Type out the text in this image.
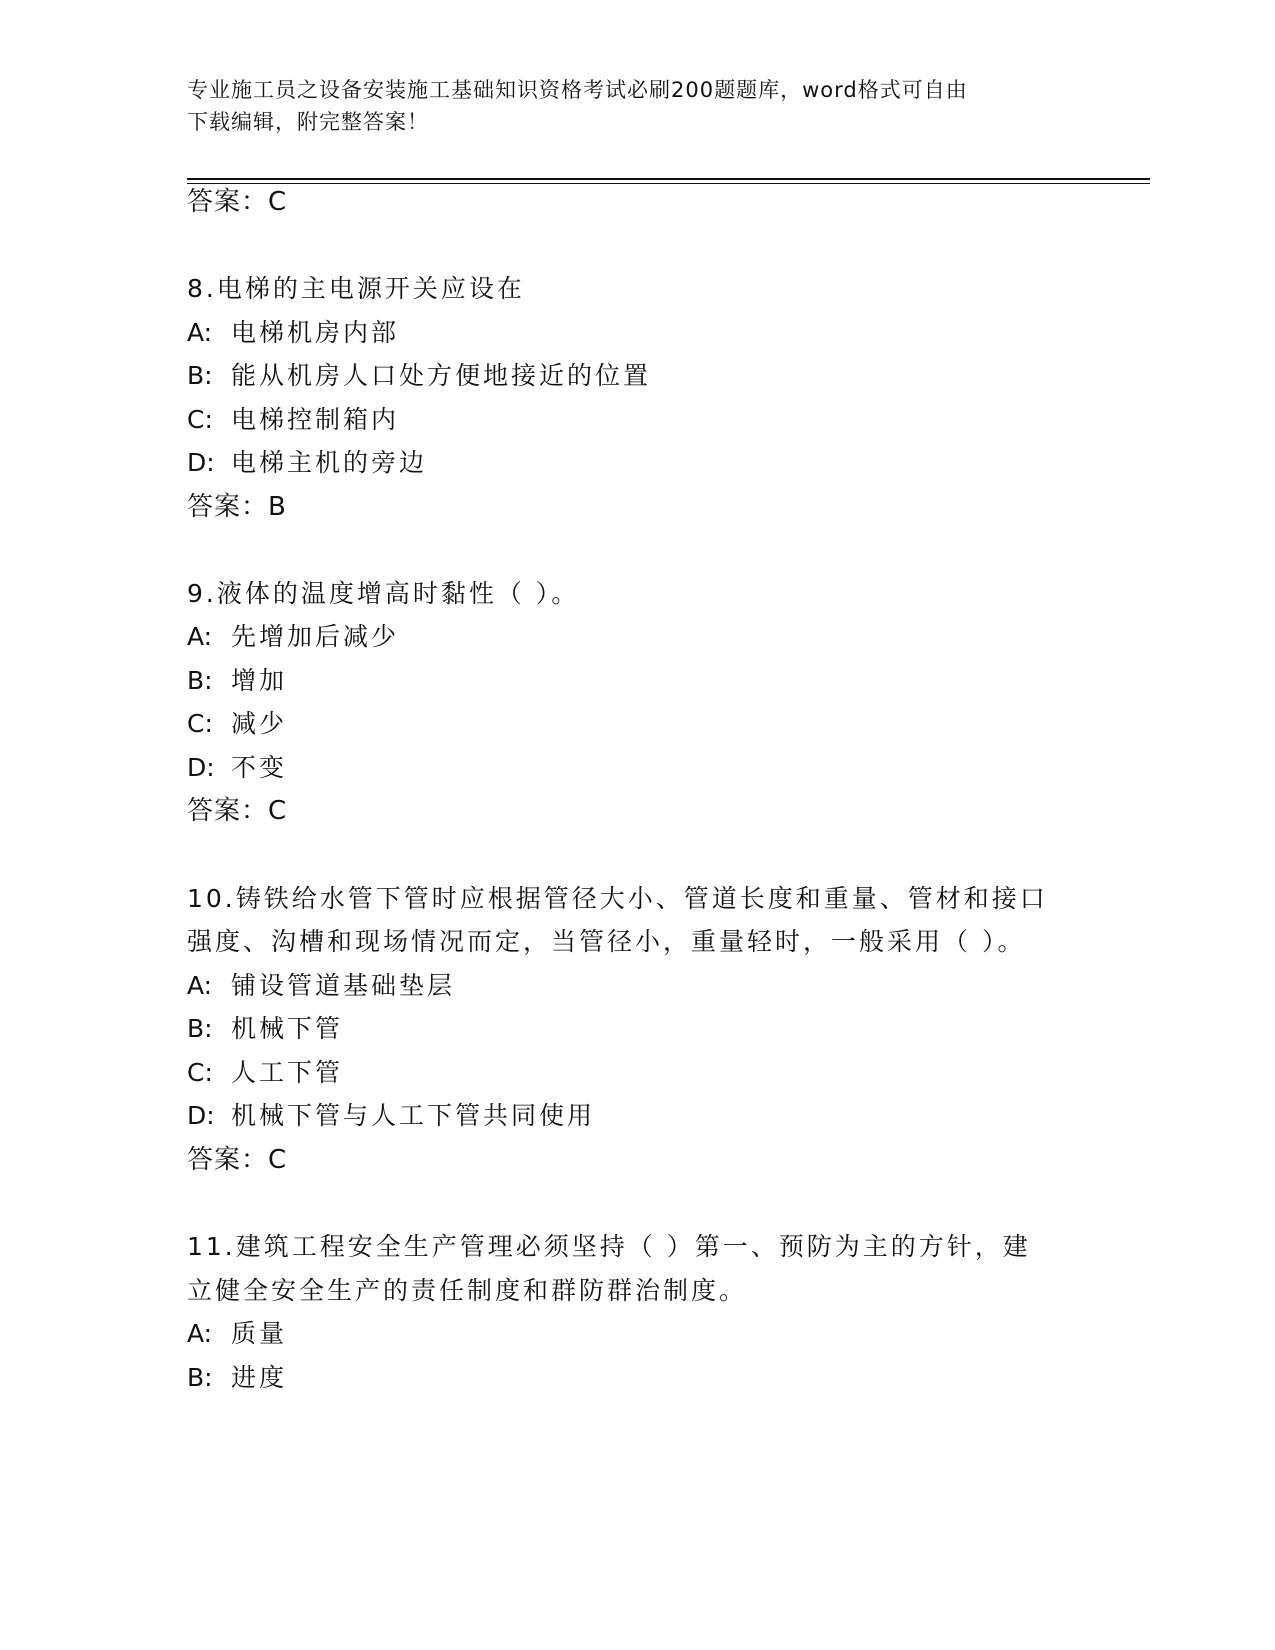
专业施工员之设备安装施工基础知识资格考试必刷200题题库，word格式可自由
下载编辑，附完整答案！
答案：C
8.电梯的主电源开关应设在
A: 电梯机房内部
B: 能从机房人口处方便地接近的位置
C: 电梯控制箱内
D: 电梯主机的旁边
答案：B
9.液体的温度增高时黏性（ ）。
A: 先增加后减少
B: 增加
C: 减少
D: 不变
答案：C
10.铸铁给水管下管时应根据管径大小、管道长度和重量、管材和接口
强度、沟槽和现场情况而定，当管径小，重量轻时，一般采用（ ）。
A: 铺设管道基础垫层
B: 机械下管
C: 人工下管
D: 机械下管与人工下管共同使用
答案：C
11.建筑工程安全生产管理必须坚持（ ）第一、预防为主的方针，建
立健全安全生产的责任制度和群防群治制度。
A: 质量
B: 进度
